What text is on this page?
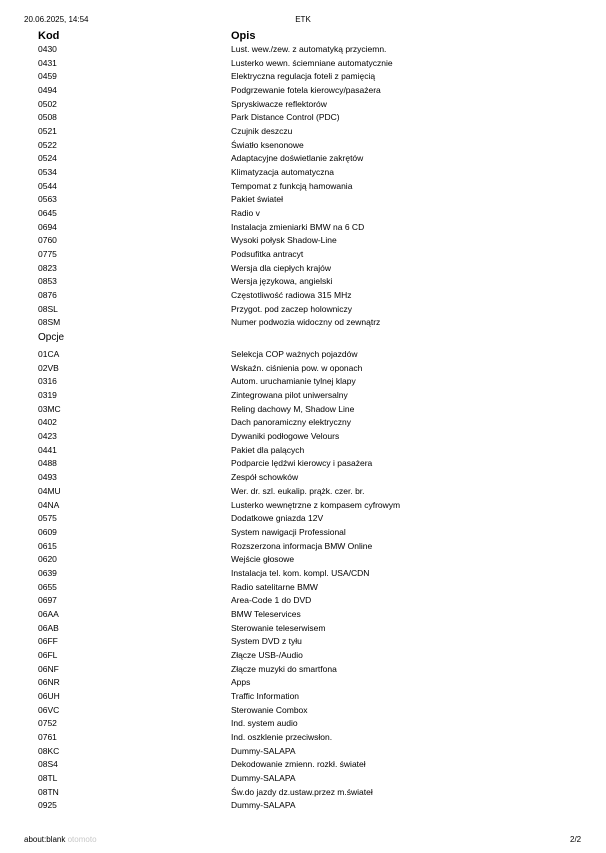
20.06.2025, 14:54	ETK
Kod	Opis
0430	Lust. wew./zew. z automatyką przyciemn.
0431	Lusterko wewn. ściemniane automatycznie
0459	Elektryczna regulacja foteli z pamięcią
0494	Podgrzewanie fotela kierowcy/pasażera
0502	Spryskiwacze reflektorów
0508	Park Distance Control (PDC)
0521	Czujnik deszczu
0522	Światło ksenonowe
0524	Adaptacyjne doświetlanie zakrętów
0534	Klimatyzacja automatyczna
0544	Tempomat z funkcją hamowania
0563	Pakiet świateł
0645	Radio v
0694	Instalacja zmieniarki BMW na 6 CD
0760	Wysoki połysk Shadow-Line
0775	Podsufitka antracyt
0823	Wersja dla ciepłych krajów
0853	Wersja językowa, angielski
0876	Częstotliwość radiowa 315 MHz
08SL	Przygot. pod zaczep holowniczy
08SM	Numer podwozia widoczny od zewnątrz
Opcje
01CA	Selekcja COP ważnych pojazdów
02VB	Wskaźn. ciśnienia pow. w oponach
0316	Autom. uruchamianie tylnej klapy
0319	Zintegrowana pilot uniwersalny
03MC	Reling dachowy M, Shadow Line
0402	Dach panoramiczny elektryczny
0423	Dywaniki podłogowe Velours
0441	Pakiet dla palących
0488	Podparcie lędźwi kierowcy i pasażera
0493	Zespół schowków
04MU	Wer. dr. szl. eukalip. prążk. czer. br.
04NA	Lusterko wewnętrzne z kompasem cyfrowym
0575	Dodatkowe gniazda 12V
0609	System nawigacji Professional
0615	Rozszerzona informacja BMW Online
0620	Wejście głosowe
0639	Instalacja tel. kom. kompl. USA/CDN
0655	Radio satelitarne BMW
0697	Area-Code 1 do DVD
06AA	BMW Teleservices
06AB	Sterowanie teleserwisem
06FF	System DVD z tyłu
06FL	Złącze USB-/Audio
06NF	Złącze muzyki do smartfona
06NR	Apps
06UH	Traffic Information
06VC	Sterowanie Combox
0752	Ind. system audio
0761	Ind. oszklenie przeciwsłon.
08KC	Dummy-SALAPA
08S4	Dekodowanie zmienn. rozkł. świateł
08TL	Dummy-SALAPA
08TN	Św.do jazdy dz.ustaw.przez m.świateł
0925	Dummy-SALAPA
about:blank otomoto	2/2
